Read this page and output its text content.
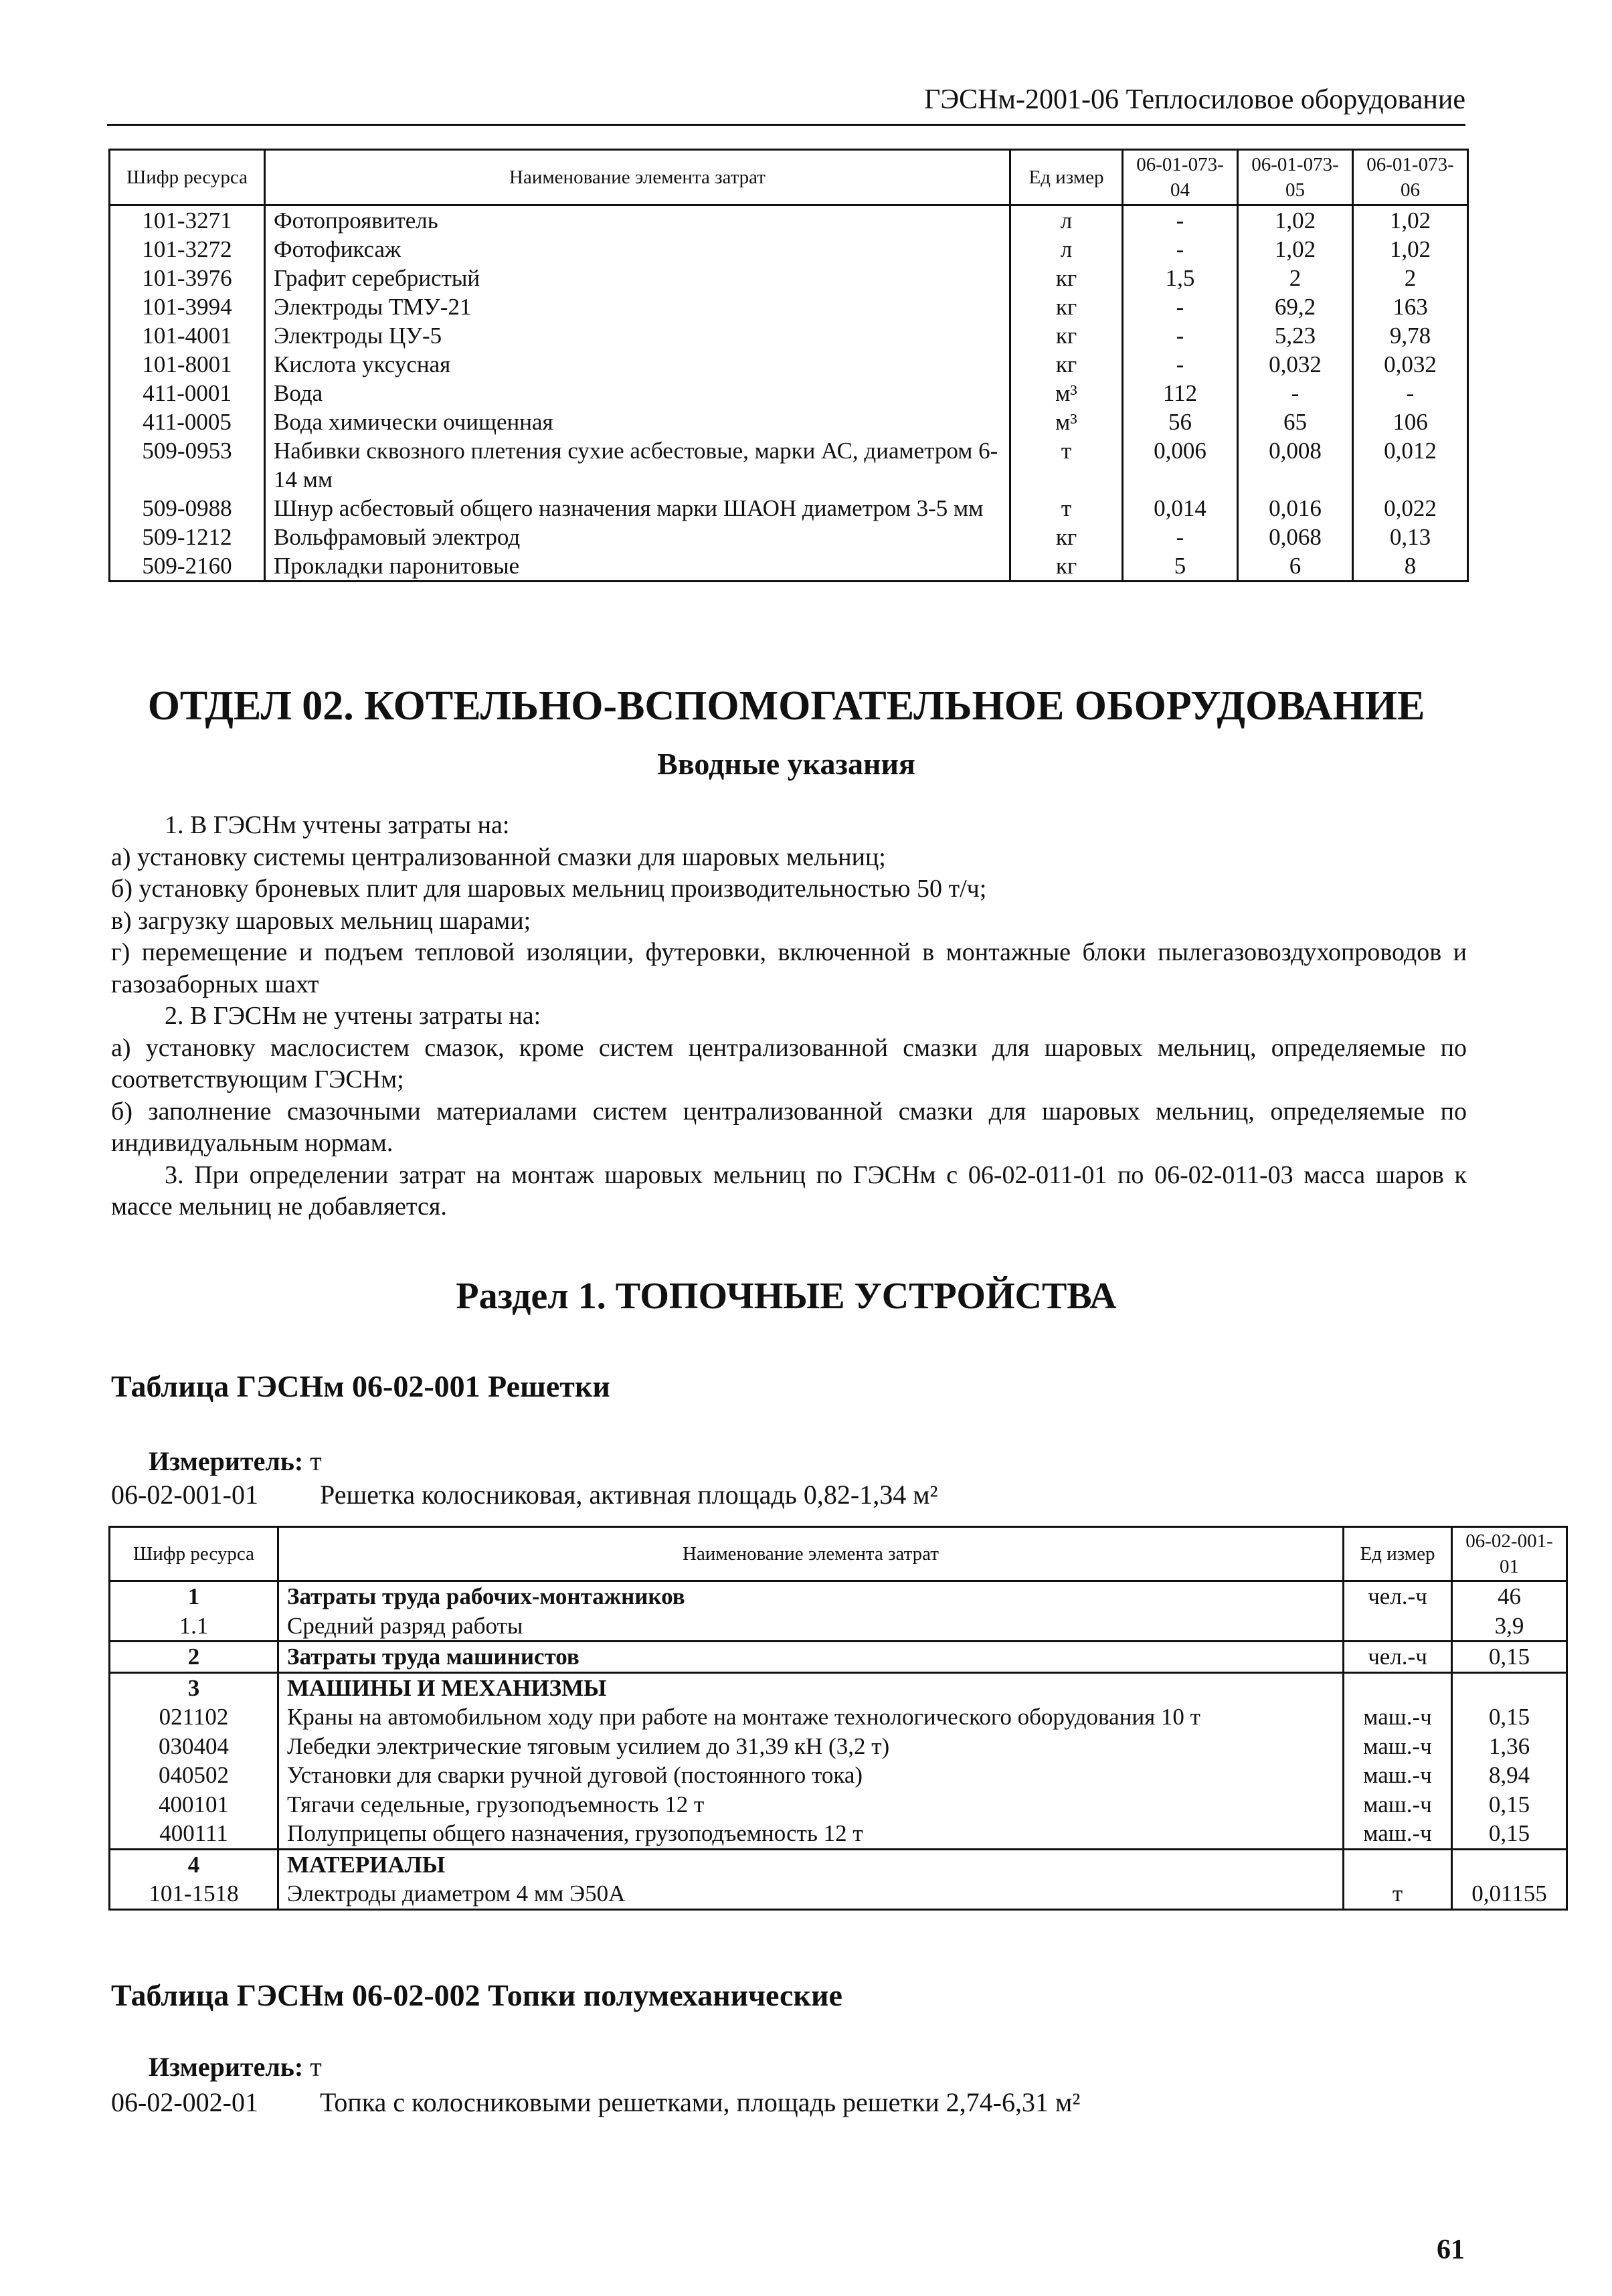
ГЭСНм-2001-06 Теплосиловое оборудование
Шифр ресурса	Наименование элемента затрат	Ед измер	06-01-073-04	06-01-073-05	06-01-073-06
101-3271	Фотопроявитель	л	-	1,02	1,02
101-3272	Фотофиксаж	л	-	1,02	1,02
101-3976	Графит серебристый	кг	1,5	2	2
101-3994	Электроды ТМУ-21	кг	-	69,2	163
101-4001	Электроды ЦУ-5	кг	-	5,23	9,78
101-8001	Кислота уксусная	кг	-	0,032	0,032
411-0001	Вода	м³	112	-	-
411-0005	Вода химически очищенная	м³	56	65	106
509-0953	Набивки сквозного плетения сухие асбестовые, марки АС, диаметром 6-14 мм	т	0,006	0,008	0,012
509-0988	Шнур асбестовый общего назначения марки ШАОН диаметром 3-5 мм	т	0,014	0,016	0,022
509-1212	Вольфрамовый электрод	кг	-	0,068	0,13
509-2160	Прокладки паронитовые	кг	5	6	8
ОТДЕЛ 02. КОТЕЛЬНО-ВСПОМОГАТЕЛЬНОЕ ОБОРУДОВАНИЕ
Вводные указания

1. В ГЭСНм учтены затраты на:

а) установку системы централизованной смазки для шаровых мельниц;

б) установку броневых плит для шаровых мельниц производительностью 50 т/ч;

в) загрузку шаровых мельниц шарами;

г) перемещение и подъем тепловой изоляции, футеровки, включенной в монтажные блоки пылегазовоздухопроводов и газозаборных шахт

2. В ГЭСНм не учтены затраты на:

а) установку маслосистем смазок, кроме систем централизованной смазки для шаровых мельниц, определяемые по соответствующим ГЭСНм;

б) заполнение смазочными материалами систем централизованной смазки для шаровых мельниц, определяемые по индивидуальным нормам.

3. При определении затрат на монтаж шаровых мельниц по ГЭСНм с 06-02-011-01 по 06-02-011-03 масса шаров к массе мельниц не добавляется.

Раздел 1. ТОПОЧНЫЕ УСТРОЙСТВА
Таблица ГЭСНм 06-02-001 Решетки
Измеритель: т
06-02-001-01 Решетка колосниковая, активная площадь 0,82-1,34 м²
Шифр ресурса	Наименование элемента затрат	Ед измер	06-02-001-01
1	Затраты труда рабочих-монтажников	чел.-ч	46
1.1	Средний разряд работы		3,9
2	Затраты труда машинистов	чел.-ч	0,15
3	МАШИНЫ И МЕХАНИЗМЫ		
021102	Краны на автомобильном ходу при работе на монтаже технологического оборудования 10 т	маш.-ч	0,15
030404	Лебедки электрические тяговым усилием до 31,39 кН (3,2 т)	маш.-ч	1,36
040502	Установки для сварки ручной дуговой (постоянного тока)	маш.-ч	8,94
400101	Тягачи седельные, грузоподъемность 12 т	маш.-ч	0,15
400111	Полуприцепы общего назначения, грузоподъемность 12 т	маш.-ч	0,15
4	МАТЕРИАЛЫ		
101-1518	Электроды диаметром 4 мм Э50А	т	0,01155
Таблица ГЭСНм 06-02-002 Топки полумеханические
Измеритель: т
06-02-002-01 Топка с колосниковыми решетками, площадь решетки 2,74-6,31 м²
61
